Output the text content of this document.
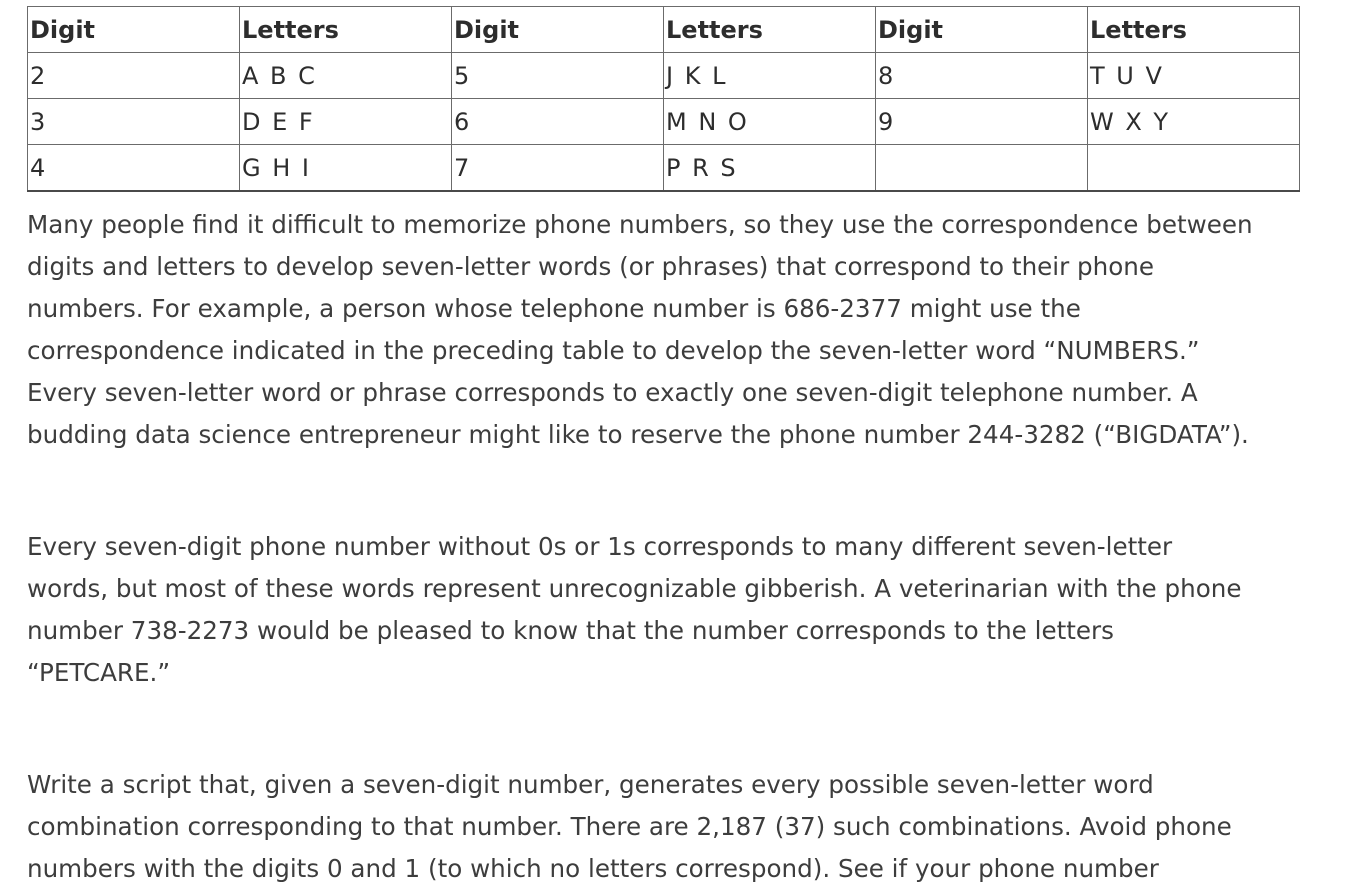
Digit	Letters	Digit	Letters	Digit	Letters
2	A B C	5	J K L	8	T U V
3	D E F	6	M N O	9	W X Y
4	G H I	7	P R S		

Many people find it difficult to memorize phone numbers, so they use the correspondence between
digits and letters to develop seven-letter words (or phrases) that correspond to their phone
numbers. For example, a person whose telephone number is 686-2377 might use the
correspondence indicated in the preceding table to develop the seven-letter word “NUMBERS.”
Every seven-letter word or phrase corresponds to exactly one seven-digit telephone number. A
budding data science entrepreneur might like to reserve the phone number 244-3282 (“BIGDATA”).

Every seven-digit phone number without 0s or 1s corresponds to many different seven-letter
words, but most of these words represent unrecognizable gibberish. A veterinarian with the phone
number 738-2273 would be pleased to know that the number corresponds to the letters
“PETCARE.”

Write a script that, given a seven-digit number, generates every possible seven-letter word
combination corresponding to that number. There are 2,187 (37) such combinations. Avoid phone
numbers with the digits 0 and 1 (to which no letters correspond). See if your phone number
